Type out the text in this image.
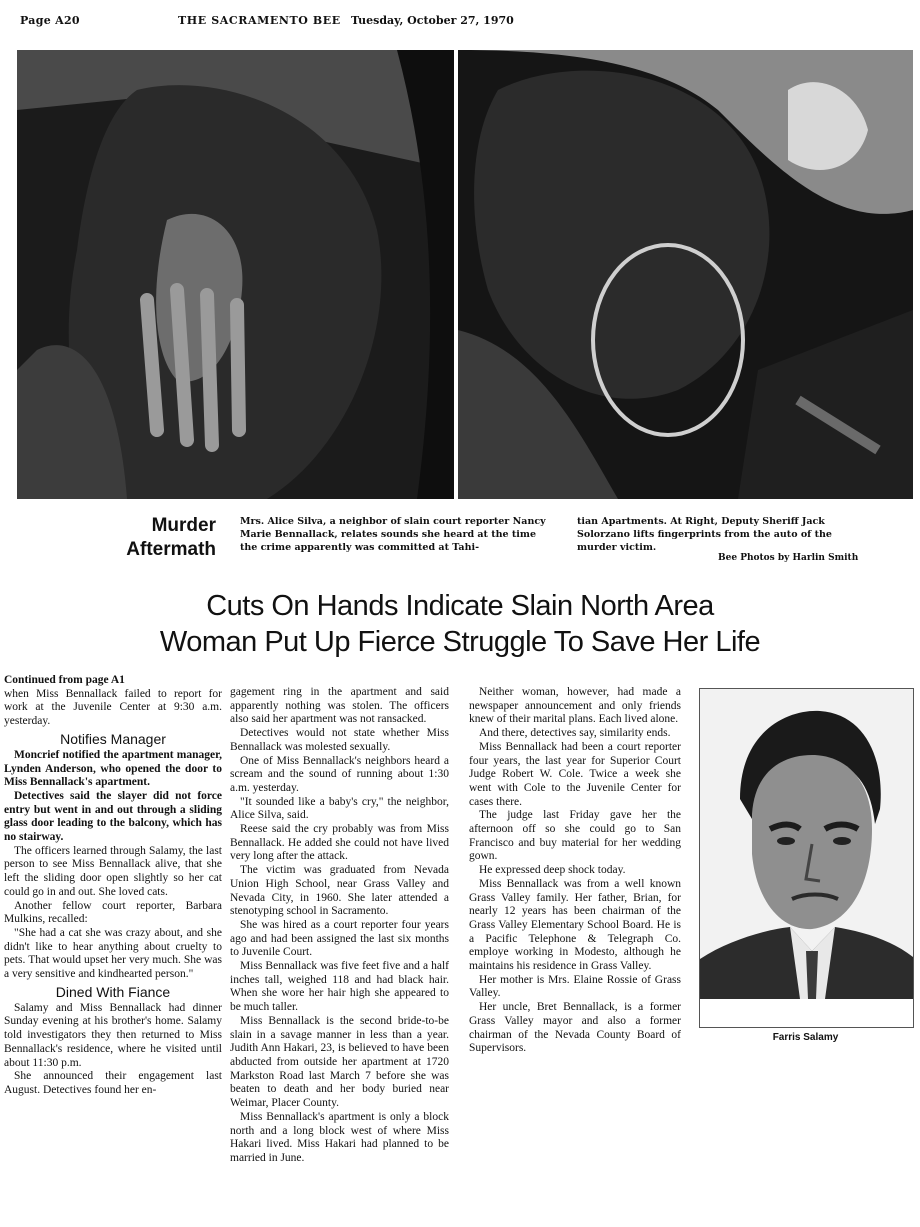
Page A20	THE SACRAMENTO BEE Tuesday, October 27, 1970
Murder
Aftermath
Mrs. Alice Silva, a neighbor of slain court reporter Nancy Marie Bennallack, relates sounds she heard at the time the crime apparently was committed at Tahi-
tian Apartments. At Right, Deputy Sheriff Jack Solorzano lifts fingerprints from the auto of the murder victim.
Bee Photos by Harlin Smith
Cuts On Hands Indicate Slain North Area
Woman Put Up Fierce Struggle To Save Her Life

Continued from page A1

when Miss Bennallack failed to report for work at the Juvenile Center at 9:30 a.m. yesterday.

Notifies Manager

Moncrief notified the apartment manager, Lynden Anderson, who opened the door to Miss Bennallack's apartment.

Detectives said the slayer did not force entry but went in and out through a sliding glass door leading to the balcony, which has no stairway.

The officers learned through Salamy, the last person to see Miss Bennallack alive, that she left the sliding door open slightly so her cat could go in and out. She loved cats.

Another fellow court reporter, Barbara Mulkins, recalled:

"She had a cat she was crazy about, and she didn't like to hear anything about cruelty to pets. That would upset her very much. She was a very sensitive and kindhearted person."

Dined With Fiance

Salamy and Miss Bennallack had dinner Sunday evening at his brother's home. Salamy told investigators they then returned to Miss Bennallack's residence, where he visited until about 11:30 p.m.

She announced their engagement last August. Detectives found her en-

gagement ring in the apartment and said apparently nothing was stolen. The officers also said her apartment was not ransacked.

Detectives would not state whether Miss Bennallack was molested sexually.

One of Miss Bennallack's neighbors heard a scream and the sound of running about 1:30 a.m. yesterday.

"It sounded like a baby's cry," the neighbor, Alice Silva, said.

Reese said the cry probably was from Miss Bennallack. He added she could not have lived very long after the attack.

The victim was graduated from Nevada Union High School, near Grass Valley and Nevada City, in 1960. She later attended a stenotyping school in Sacramento.

She was hired as a court reporter four years ago and had been assigned the last six months to Juvenile Court.

Miss Bennallack was five feet five and a half inches tall, weighed 118 and had black hair. When she wore her hair high she appeared to be much taller.

Miss Bennallack is the second bride-to-be slain in a savage manner in less than a year. Judith Ann Hakari, 23, is believed to have been abducted from outside her apartment at 1720 Markston Road last March 7 before she was beaten to death and her body buried near Weimar, Placer County.

Miss Bennallack's apartment is only a block north and a long block west of where Miss Hakari lived. Miss Hakari had planned to be married in June.

Neither woman, however, had made a newspaper announcement and only friends knew of their marital plans. Each lived alone.

And there, detectives say, similarity ends.

Miss Bennallack had been a court reporter four years, the last year for Superior Court Judge Robert W. Cole. Twice a week she went with Cole to the Juvenile Center for cases there.

The judge last Friday gave her the afternoon off so she could go to San Francisco and buy material for her wedding gown.

He expressed deep shock today.

Miss Bennallack was from a well known Grass Valley family. Her father, Brian, for nearly 12 years has been chairman of the Grass Valley Elementary School Board. He is a Pacific Telephone & Telegraph Co. employe working in Modesto, although he maintains his residence in Grass Valley.

Her mother is Mrs. Elaine Rossie of Grass Valley.

Her uncle, Bret Bennallack, is a former Grass Valley mayor and also a former chairman of the Nevada County Board of Supervisors.

Farris Salamy
